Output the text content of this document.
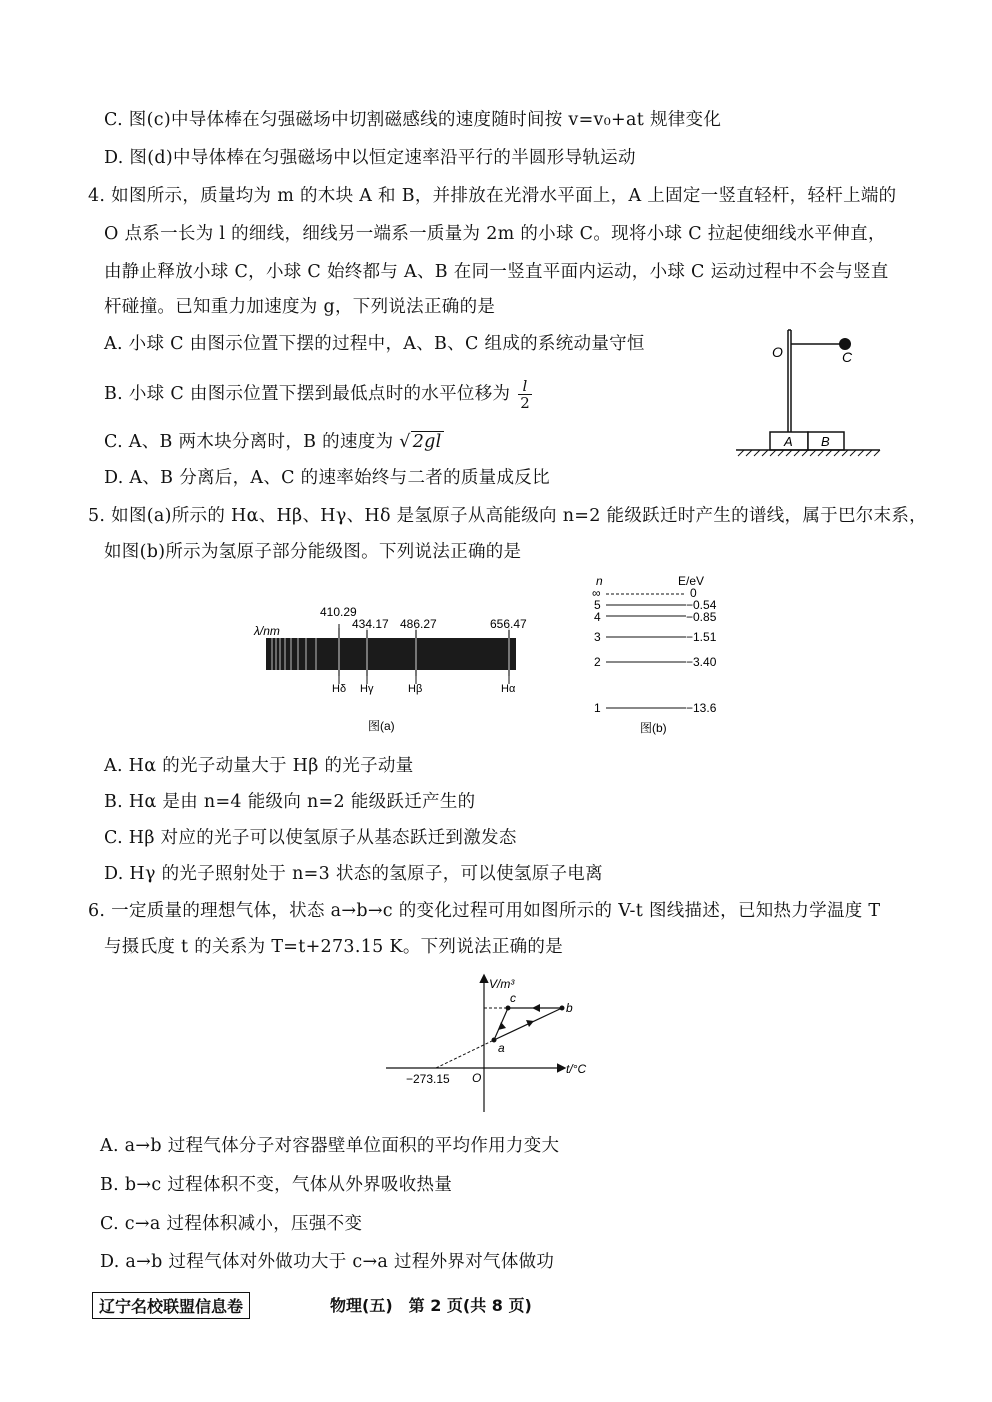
C. 图(c)中导体棒在匀强磁场中切割磁感线的速度随时间按 v=v₀+at 规律变化
D. 图(d)中导体棒在匀强磁场中以恒定速率沿平行的半圆形导轨运动
4. 如图所示，质量均为 m 的木块 A 和 B，并排放在光滑水平面上，A 上固定一竖直轻杆，轻杆上端的
O 点系一长为 l 的细线，细线另一端系一质量为 2m 的小球 C。现将小球 C 拉起使细线水平伸直，
由静止释放小球 C，小球 C 始终都与 A、B 在同一竖直平面内运动，小球 C 运动过程中不会与竖直
杆碰撞。已知重力加速度为 g，下列说法正确的是
A. 小球 C 由图示位置下摆的过程中，A、B、C 组成的系统动量守恒
B. 小球 C 由图示位置下摆到最低点时的水平位移为 $\frac{l}{2}$
C. A、B 两木块分离时，B 的速度为 √ 2gl
D. A、B 分离后，A、C 的速率始终与二者的质量成反比
O	C
A B
5. 如图(a)所示的 Hα、Hβ、Hγ、Hδ 是氢原子从高能级向 n=2 能级跃迁时产生的谱线，属于巴尔末系，
如图(b)所示为氢原子部分能级图。下列说法正确的是
λ/nm
410.29
434.17 486.27	656.47
Hδ Hγ	Hβ	Hα
图(a)
n	E/eV
∞	0
5	−0.54
4	−0.85
3	−1.51
2	−3.40
1	−13.6
图(b)
A. Hα 的光子动量大于 Hβ 的光子动量
B. Hα 是由 n=4 能级向 n=2 能级跃迁产生的
C. Hβ 对应的光子可以使氢原子从基态跃迁到激发态
D. Hγ 的光子照射处于 n=3 状态的氢原子，可以使氢原子电离
6. 一定质量的理想气体，状态 a→b→c 的变化过程可用如图所示的 V-t 图线描述，已知热力学温度 T
与摄氏度 t 的关系为 T=t+273.15 K。下列说法正确的是
V/m³
t/°C
O
−273.15
a
b
c
A. a→b 过程气体分子对容器壁单位面积的平均作用力变大
B. b→c 过程体积不变，气体从外界吸收热量
C. c→a 过程体积减小，压强不变
D. a→b 过程气体对外做功大于 c→a 过程外界对气体做功
辽宁名校联盟信息卷	物理(五)　第 2 页(共 8 页)
